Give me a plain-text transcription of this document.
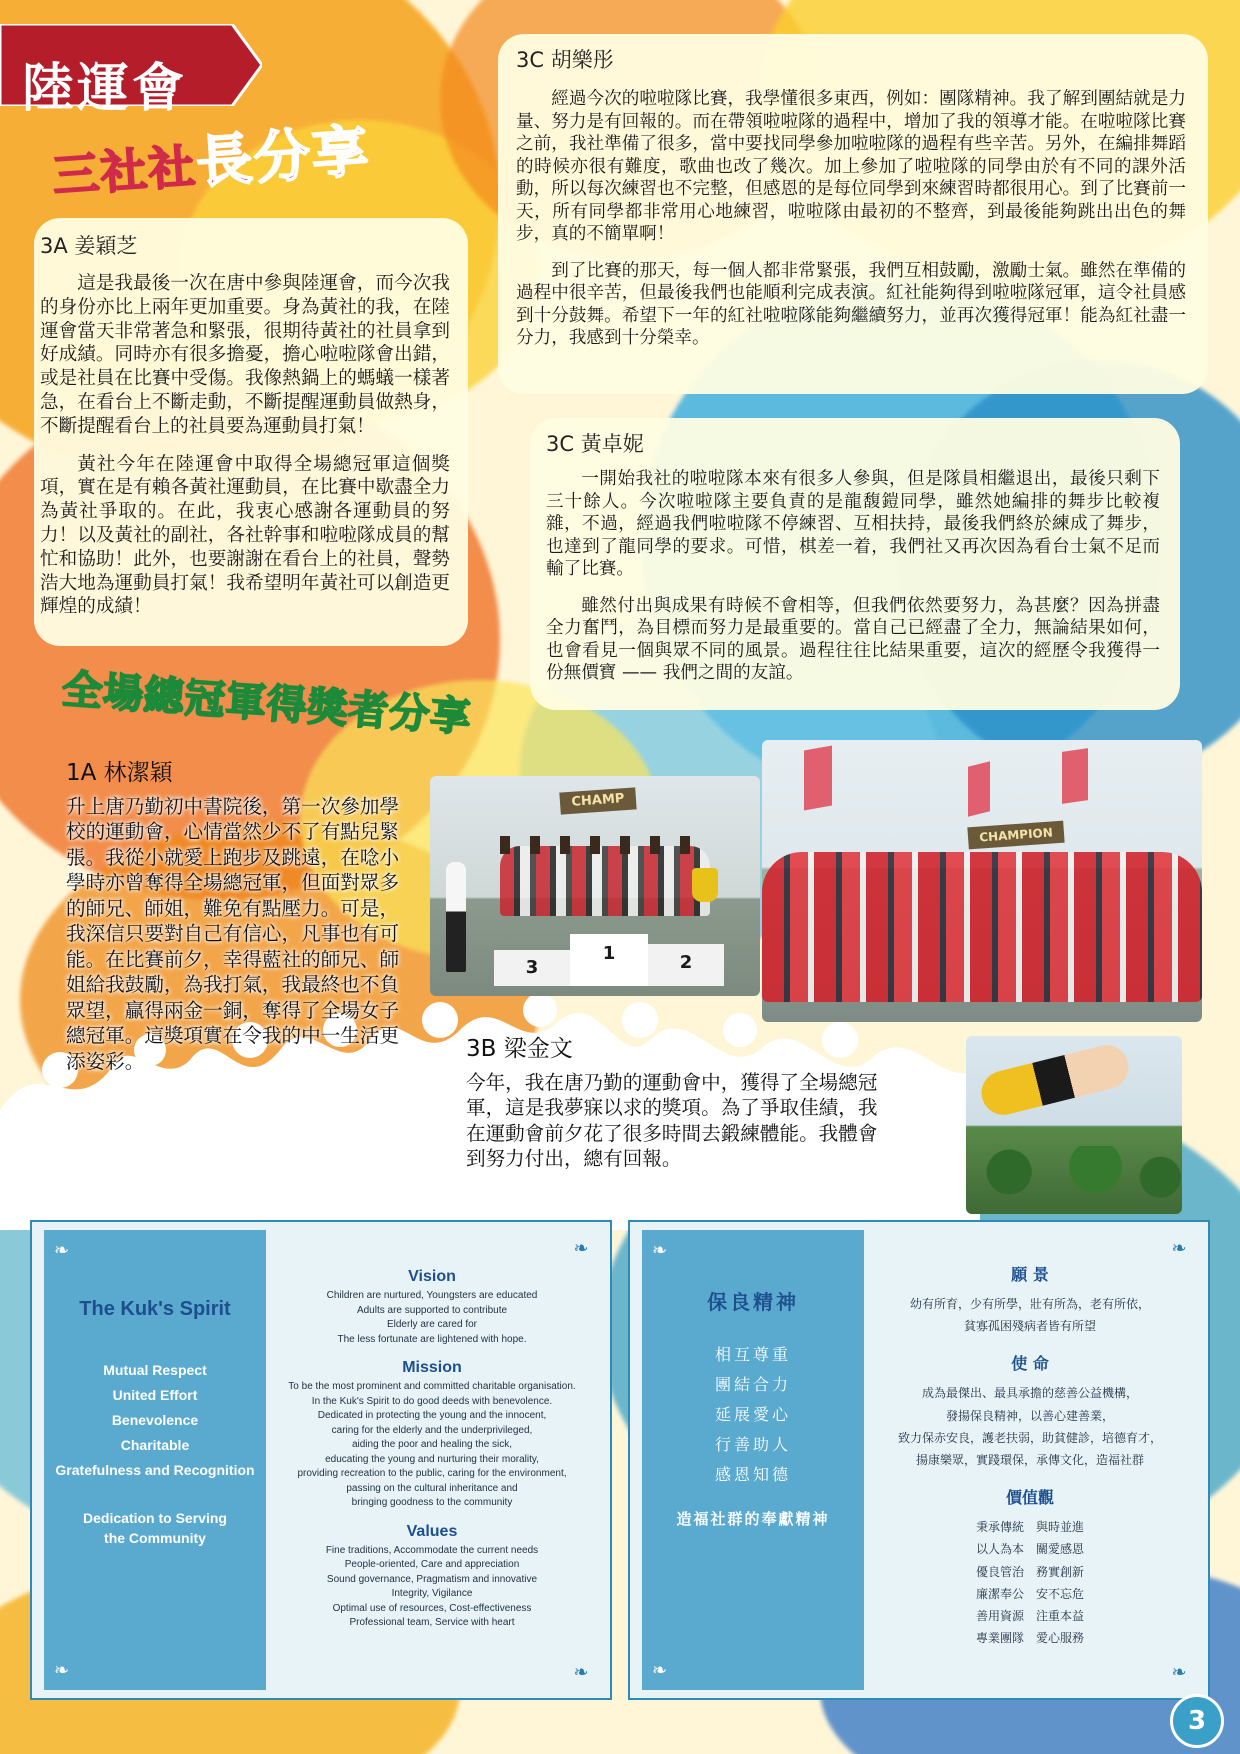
陸運會
三社社長分享
3A 姜穎芝

這是我最後一次在唐中參與陸運會，而今次我的身份亦比上兩年更加重要。身為黃社的我，在陸運會當天非常著急和緊張，很期待黃社的社員拿到好成績。同時亦有很多擔憂，擔心啦啦隊會出錯，或是社員在比賽中受傷。我像熱鍋上的螞蟻一樣著急，在看台上不斷走動，不斷提醒運動員做熱身，不斷提醒看台上的社員要為運動員打氣！

黃社今年在陸運會中取得全場總冠軍這個獎項，實在是有賴各黃社運動員，在比賽中歇盡全力為黃社爭取的。在此，我衷心感謝各運動員的努力！以及黃社的副社，各社幹事和啦啦隊成員的幫忙和協助！此外，也要謝謝在看台上的社員，聲勢浩大地為運動員打氣！我希望明年黃社可以創造更輝煌的成績！

3C 胡樂彤

經過今次的啦啦隊比賽，我學懂很多東西，例如：團隊精神。我了解到團結就是力量、努力是有回報的。而在帶領啦啦隊的過程中，增加了我的領導才能。在啦啦隊比賽之前，我社準備了很多，當中要找同學參加啦啦隊的過程有些辛苦。另外，在編排舞蹈的時候亦很有難度，歌曲也改了幾次。加上參加了啦啦隊的同學由於有不同的課外活動，所以每次練習也不完整，但感恩的是每位同學到來練習時都很用心。到了比賽前一天，所有同學都非常用心地練習，啦啦隊由最初的不整齊，到最後能夠跳出出色的舞步，真的不簡單啊！

到了比賽的那天，每一個人都非常緊張，我們互相鼓勵，激勵士氣。雖然在準備的過程中很辛苦，但最後我們也能順利完成表演。紅社能夠得到啦啦隊冠軍，這令社員感到十分鼓舞。希望下一年的紅社啦啦隊能夠繼續努力，並再次獲得冠軍！能為紅社盡一分力，我感到十分榮幸。

3C 黃卓妮

一開始我社的啦啦隊本來有很多人參與，但是隊員相繼退出，最後只剩下三十餘人。今次啦啦隊主要負責的是龍馥鎧同學，雖然她編排的舞步比較複雜，不過，經過我們啦啦隊不停練習、互相扶持，最後我們終於練成了舞步，也達到了龍同學的要求。可惜，棋差一着，我們社又再次因為看台士氣不足而輸了比賽。

雖然付出與成果有時候不會相等，但我們依然要努力，為甚麼？因為拼盡全力奮鬥，為目標而努力是最重要的。當自己已經盡了全力，無論結果如何，也會看見一個與眾不同的風景。過程往往比結果重要，這次的經歷令我獲得一份無價寶 —— 我們之間的友誼。

全場總冠軍得獎者分享
1A 林潔穎
升上唐乃勤初中書院後，第一次參加學校的運動會，心情當然少不了有點兒緊張。我從小就愛上跑步及跳遠，在唸小學時亦曾奪得全場總冠軍，但面對眾多的師兄、師姐，難免有點壓力。可是，我深信只要對自己有信心，凡事也有可能。在比賽前夕，幸得藍社的師兄、師姐給我鼓勵，為我打氣，我最終也不負眾望，贏得兩金一銅，奪得了全場女子總冠軍。這獎項實在令我的中一生活更添姿彩。
CHAMP
3
1	2
CHAMPION
3B 梁金文
今年，我在唐乃勤的運動會中，獲得了全場總冠軍，這是我夢寐以求的獎項。為了爭取佳績，我在運動會前夕花了很多時間去鍛練體能。我體會到努力付出，總有回報。
❧
The Kuk's Spirit
Mutual Respect
United Effort
Benevolence
Charitable
Gratefulness and Recognition
Dedication to Serving
the Community
❧
❧
Vision
Children are nurtured, Youngsters are educated
Adults are supported to contribute
Elderly are cared for
The less fortunate are lightened with hope.
Mission
To be the most prominent and committed charitable organisation.
In the Kuk's Spirit to do good deeds with benevolence.
Dedicated in protecting the young and the innocent,
caring for the elderly and the underprivileged,
aiding the poor and healing the sick,
educating the young and nurturing their morality,
providing recreation to the public, caring for the environment,
passing on the cultural inheritance and
bringing goodness to the community
Values
Fine traditions, Accommodate the current needs
People-oriented, Care and appreciation
Sound governance, Pragmatism and innovative
Integrity, Vigilance
Optimal use of resources, Cost-effectiveness
Professional team, Service with heart
❧
❧
保良精神
相互尊重
團結合力
延展愛心
行善助人
感恩知德
造福社群的奉獻精神
❧
❧
願 景
幼有所育，少有所學，壯有所為，老有所依，
貧寡孤困殘病者皆有所望
使 命
成為最傑出、最具承擔的慈善公益機構，
發揚保良精神，以善心建善業，
致力保赤安良，護老扶弱，助貧健診，培德育才，
揚康樂眾，實踐環保，承傳文化，造福社群
價值觀
秉承傳統　與時並進
以人為本　關愛感恩
優良管治　務實創新
廉潔奉公　安不忘危
善用資源　注重本益
專業團隊　愛心服務
❧
3
